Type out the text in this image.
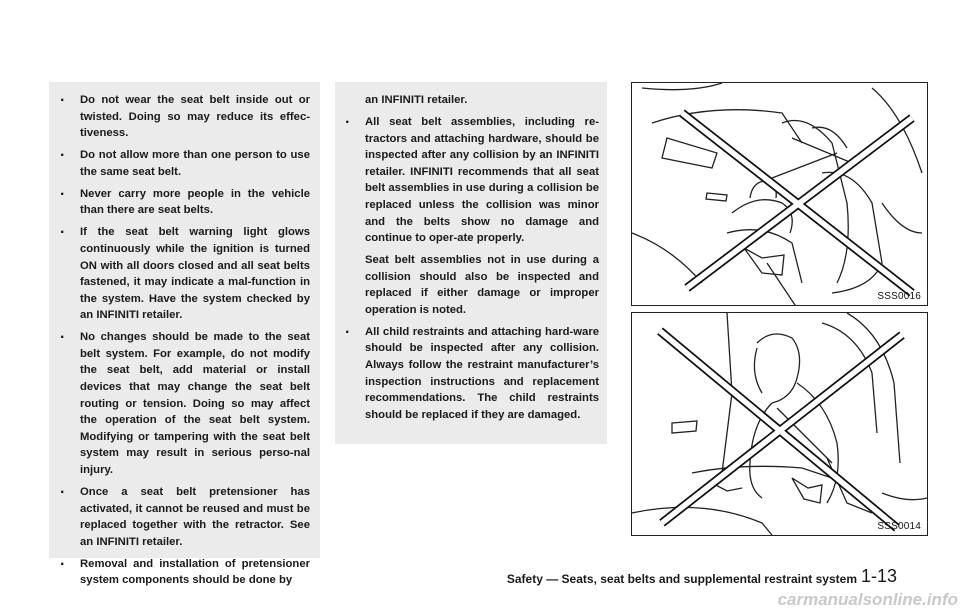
. Do not wear the seat belt inside out or twisted. Doing so may reduce its effec-tiveness.
. Do not allow more than one person to use the same seat belt.
. Never carry more people in the vehicle than there are seat belts.
. If the seat belt warning light glows continuously while the ignition is turned ON with all doors closed and all seat belts fastened, it may indicate a mal-function in the system. Have the system checked by an INFINITI retailer.
. No changes should be made to the seat belt system. For example, do not modify the seat belt, add material or install devices that may change the seat belt routing or tension. Doing so may affect the operation of the seat belt system. Modifying or tampering with the seat belt system may result in serious perso-nal injury.
. Once a seat belt pretensioner has activated, it cannot be reused and must be replaced together with the retractor. See an INFINITI retailer.
. Removal and installation of pretensioner system components should be done by
an INFINITI retailer.
. All seat belt assemblies, including re-tractors and attaching hardware, should be inspected after any collision by an INFINITI retailer. INFINITI recommends that all seat belt assemblies in use during a collision be replaced unless the collision was minor and the belts show no damage and continue to oper-ate properly.
Seat belt assemblies not in use during a collision should also be inspected and replaced if either damage or improper operation is noted.
. All child restraints and attaching hard-ware should be inspected after any collision. Always follow the restraint manufacturer’s inspection instructions and replacement recommendations. The child restraints should be replaced if they are damaged.
SSS0016
SSS0014
Safety — Seats, seat belts and supplemental restraint system 1-13
carmanualsonline.info
